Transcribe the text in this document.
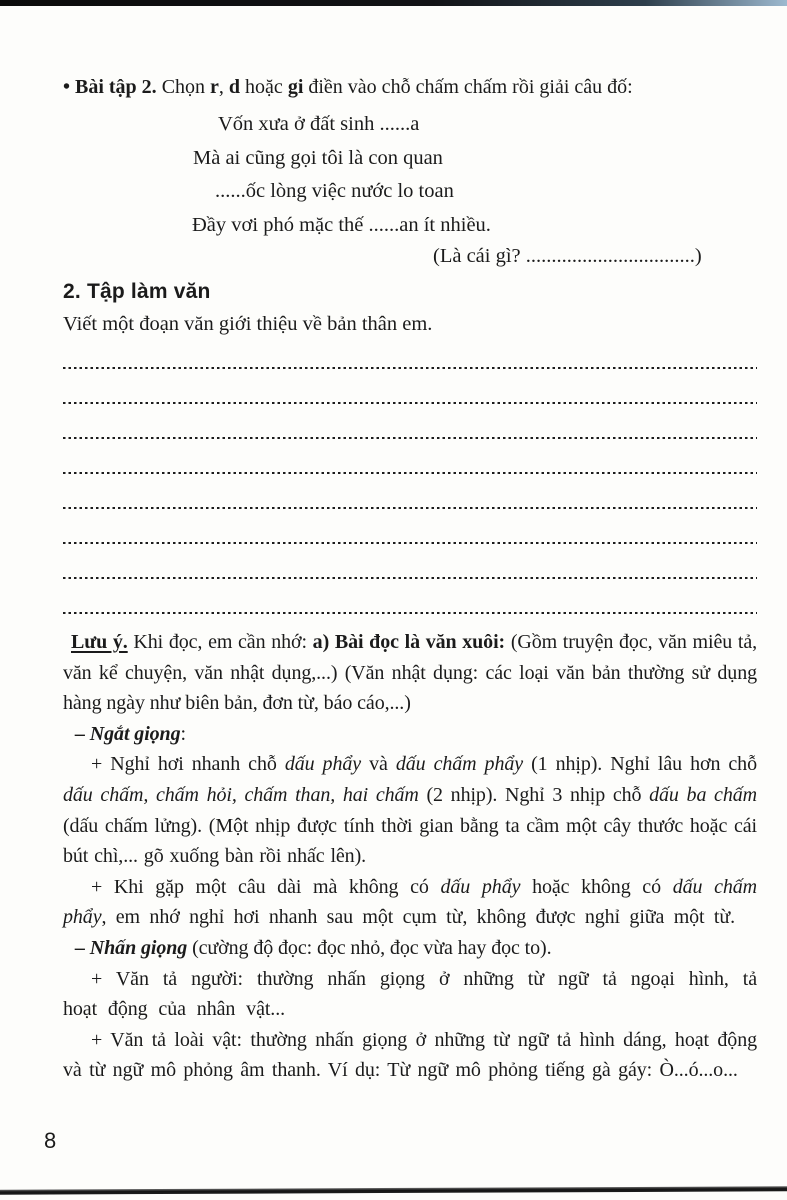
• Bài tập 2. Chọn r, d hoặc gi điền vào chỗ chấm chấm rồi giải câu đố:

Vốn xưa ở đất sinh ......a
Mà ai cũng gọi tôi là con quan
......ốc lòng việc nước lo toan
Đầy vơi phó mặc thế ......an ít nhiều.

(Là cái gì? .................................)

2. Tập làm văn

Viết một đoạn văn giới thiệu về bản thân em.

Lưu ý. Khi đọc, em cần nhớ: a) Bài đọc là văn xuôi: (Gồm truyện đọc, văn miêu tả, văn kể chuyện, văn nhật dụng,...) (Văn nhật dụng: các loại văn bản thường sử dụng hàng ngày như biên bản, đơn từ, báo cáo,...)

– Ngắt giọng:

+ Nghỉ hơi nhanh chỗ dấu phẩy và dấu chấm phẩy (1 nhịp). Nghỉ lâu hơn chỗ dấu chấm, chấm hỏi, chấm than, hai chấm (2 nhịp). Nghỉ 3 nhịp chỗ dấu ba chấm (dấu chấm lửng). (Một nhịp được tính thời gian bằng ta cầm một cây thước hoặc cái bút chì,... gõ xuống bàn rồi nhấc lên).

+ Khi gặp một câu dài mà không có dấu phẩy hoặc không có dấu chấm phẩy, em nhớ nghỉ hơi nhanh sau một cụm từ, không được nghỉ giữa một từ.

– Nhấn giọng (cường độ đọc: đọc nhỏ, đọc vừa hay đọc to).

+ Văn tả người: thường nhấn giọng ở những từ ngữ tả ngoại hình, tả hoạt động của nhân vật...

+ Văn tả loài vật: thường nhấn giọng ở những từ ngữ tả hình dáng, hoạt động và từ ngữ mô phỏng âm thanh. Ví dụ: Từ ngữ mô phỏng tiếng gà gáy: Ò...ó...o...

8
